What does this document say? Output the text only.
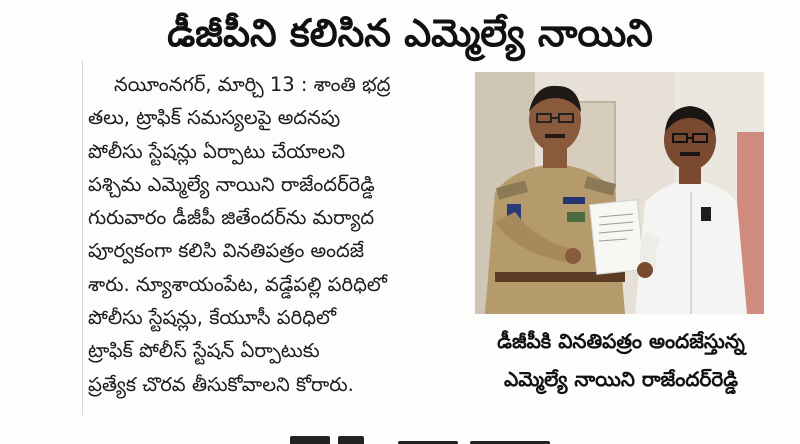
డీజీపీని కలిసిన ఎమ్మెల్యే నాయిని
నయీంనగర్, మార్చి 13 : శాంతి భద్ర
తలు, ట్రాఫిక్ సమస్యలపై అదనపు
పోలీసు స్టేషన్లు ఏర్పాటు చేయాలని
పశ్చిమ ఎమ్మెల్యే నాయిని రాజేందర్‌రెడ్డి
గురువారం డీజీపీ జితేందర్‌ను మర్యాద
పూర్వకంగా కలిసి వినతిపత్రం అందజే
శారు. న్యూశాయంపేట, వడ్డేపల్లి పరిధిలో
పోలీసు స్టేషన్లు, కేయూసీ పరిధిలో
ట్రాఫిక్ పోలీస్ స్టేషన్ ఏర్పాటుకు
ప్రత్యేక చొరవ తీసుకోవాలని కోరారు.
డీజీపీకి వినతిపత్రం అందజేస్తున్న
ఎమ్మెల్యే నాయిని రాజేందర్‌రెడ్డి
